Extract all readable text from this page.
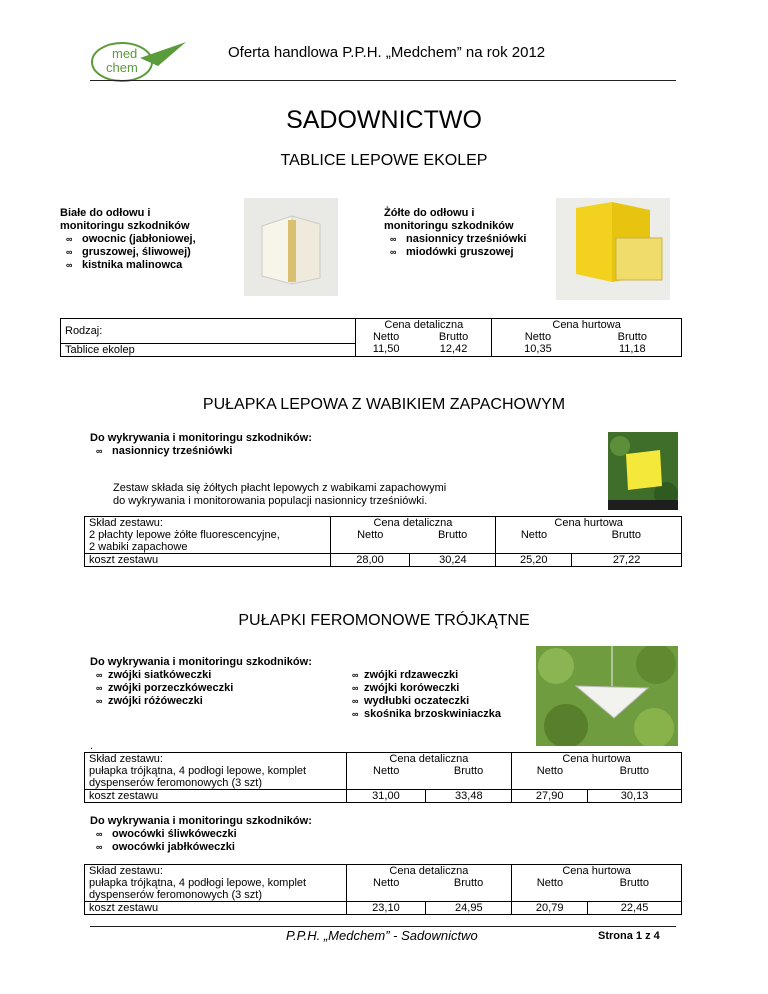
med
chem
Oferta handlowa P.P.H. „Medchem” na rok 2012
SADOWNICTWO
TABLICE LEPOWE EKOLEP
Białe do odłowu i
monitoringu szkodników
∞ owocnic (jabłoniowej,
∞ gruszowej, śliwowej)
∞ kistnika malinowca
Żółte do odłowu i
monitoringu szkodników
∞ nasionnicy trześniówki
∞ miodówki gruszowej
Rodzaj:	Cena detaliczna		Cena hurtowa	
	Netto	Brutto	Netto	Brutto
Tablice ekolep	11,50	12,42	10,35	11,18
PUŁAPKA LEPOWA Z WABIKIEM ZAPACHOWYM
Do wykrywania i monitoringu szkodników:
∞ nasionnicy trześniówki
Zestaw składa się żółtych płacht lepowych z wabikami zapachowymi
do wykrywania i monitorowania populacji nasionnicy trześniówki.
Skład zestawu:	Cena detaliczna		Cena hurtowa	

2 płachty lepowe żółte fluorescencyjne,
2 wabiki zapachowe	Netto	Brutto	Netto	Brutto

koszt zestawu	28,00	30,24	25,20	27,22
PUŁAPKI FEROMONOWE TRÓJKĄTNE
Do wykrywania i monitoringu szkodników:
∞ zwójki siatkóweczki
∞ zwójki porzeczkóweczki
∞ zwójki różóweczki
∞ zwójki rdzaweczki
∞ zwójki koróweczki
∞ wydłubki oczateczki
∞ skośnika brzoskwiniaczka
.
Skład zestawu:	Cena detaliczna		Cena hurtowa	

pułapka trójkątna, 4 podłogi lepowe, komplet
dyspenserów feromonowych (3 szt)	Netto	Brutto	Netto	Brutto

koszt zestawu	31,00	33,48	27,90	30,13
Do wykrywania i monitoringu szkodników:
∞ owocówki śliwkóweczki
∞ owocówki jabłkóweczki
Skład zestawu:	Cena detaliczna		Cena hurtowa	

pułapka trójkątna, 4 podłogi lepowe, komplet
dyspenserów feromonowych (3 szt)	Netto	Brutto	Netto	Brutto

koszt zestawu	23,10	24,95	20,79	22,45
P.P.H. „Medchem” - Sadownictwo	Strona 1 z 4
